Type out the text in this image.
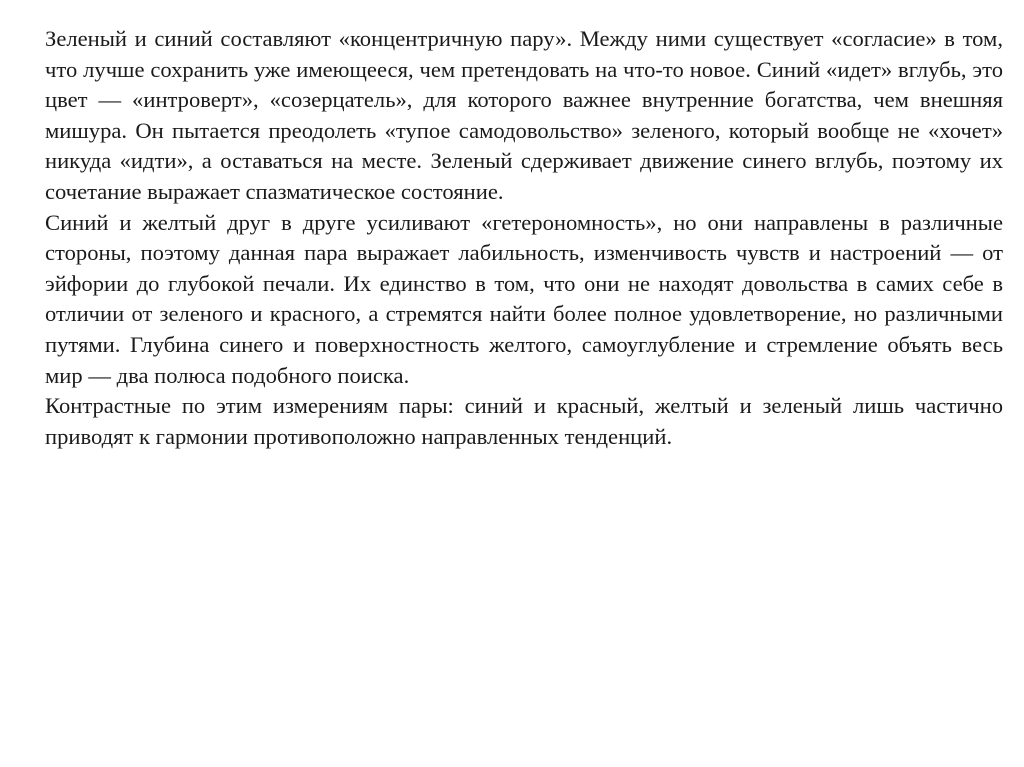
Зеленый и синий составляют «концентричную пару». Между ними существует «согласие» в том, что лучше сохранить уже имеющееся, чем претендовать на что-то новое. Синий «идет» вглубь, это цвет — «интроверт», «созерцатель», для которого важнее внутренние богатства, чем внешняя мишура. Он пытается преодолеть «тупое самодовольство» зеленого, который вообще не «хочет» никуда «идти», а оставаться на месте. Зеленый сдерживает движение синего вглубь, поэтому их сочетание выражает спазматическое состояние.

Синий и желтый друг в друге усиливают «гетерономность», но они направлены в различные стороны, поэтому данная пара выражает лабильность, изменчивость чувств и настроений — от эйфории до глубокой печали. Их единство в том, что они не находят довольства в самих себе в отличии от зеленого и красного, а стремятся найти более полное удовлетворение, но различными путями. Глубина синего и поверхностность желтого, самоуглубление и стремление объять весь мир — два полюса подобного поиска.

Контрастные по этим измерениям пары: синий и красный, желтый и зеленый лишь частично приводят к гармонии противоположно направленных тенденций.
